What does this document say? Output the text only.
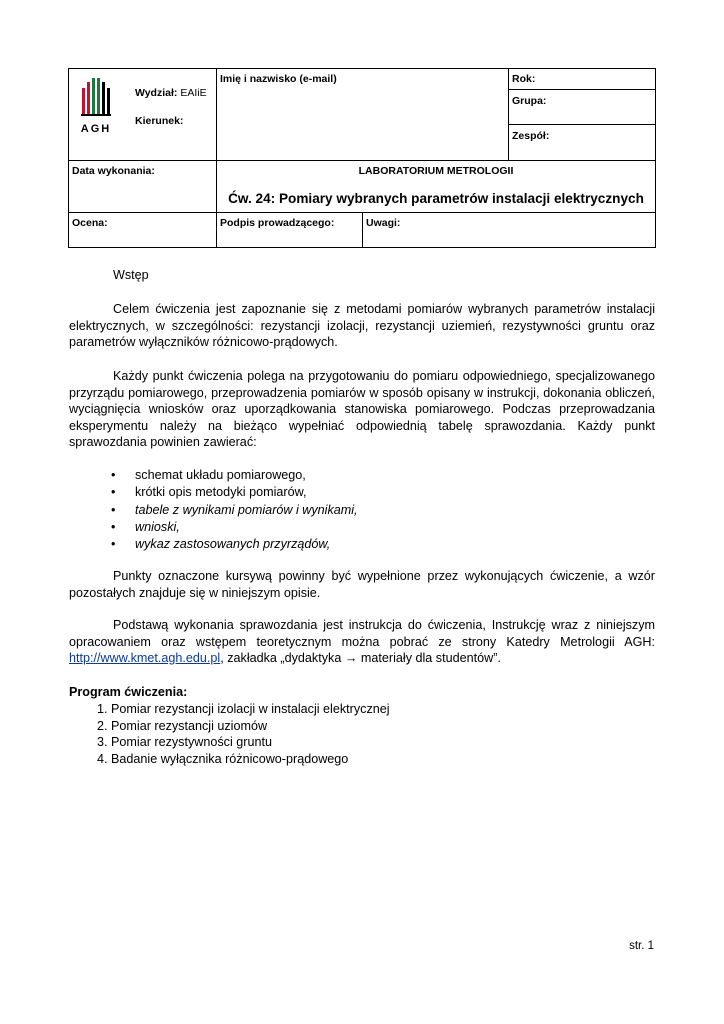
AGH
Wydział: EAIiE
Kierunek:
Imię i nazwisko (e-mail)	Rok:
Grupa:
Zespół:
Data wykonania:	LABORATORIUM METROLOGII
Ćw. 24: Pomiary wybranych parametrów instalacji elektrycznych
Ocena:	Podpis prowadzącego:	Uwagi:
Wstęp

Celem ćwiczenia jest zapoznanie się z metodami pomiarów wybranych parametrów instalacji elektrycznych, w szczególności: rezystancji izolacji, rezystancji uziemień, rezystywności gruntu oraz parametrów wyłączników różnicowo-prądowych.

Każdy punkt ćwiczenia polega na przygotowaniu do pomiaru odpowiedniego, specjalizowanego przyrządu pomiarowego, przeprowadzenia pomiarów w sposób opisany w instrukcji, dokonania obliczeń, wyciągnięcia wniosków oraz uporządkowania stanowiska pomiarowego. Podczas przeprowadzania eksperymentu należy na bieżąco wypełniać odpowiednią tabelę sprawozdania. Każdy punkt sprawozdania powinien zawierać:

• schemat układu pomiarowego,
• krótki opis metodyki pomiarów,
• tabele z wynikami pomiarów i wynikami,
• wnioski,
• wykaz zastosowanych przyrządów,

Punkty oznaczone kursywą powinny być wypełnione przez wykonujących ćwiczenie, a wzór pozostałych znajduje się w niniejszym opisie.

Podstawą wykonania sprawozdania jest instrukcja do ćwiczenia, Instrukcję wraz z niniejszym opracowaniem oraz wstępem teoretycznym można pobrać ze strony Katedry Metrologii AGH: http://www.kmet.agh.edu.pl, zakładka „dydaktyka → materiały dla studentów”.

Program ćwiczenia:
1. Pomiar rezystancji izolacji w instalacji elektrycznej
2. Pomiar rezystancji uziomów
3. Pomiar rezystywności gruntu
4. Badanie wyłącznika różnicowo-prądowego
str. 1
